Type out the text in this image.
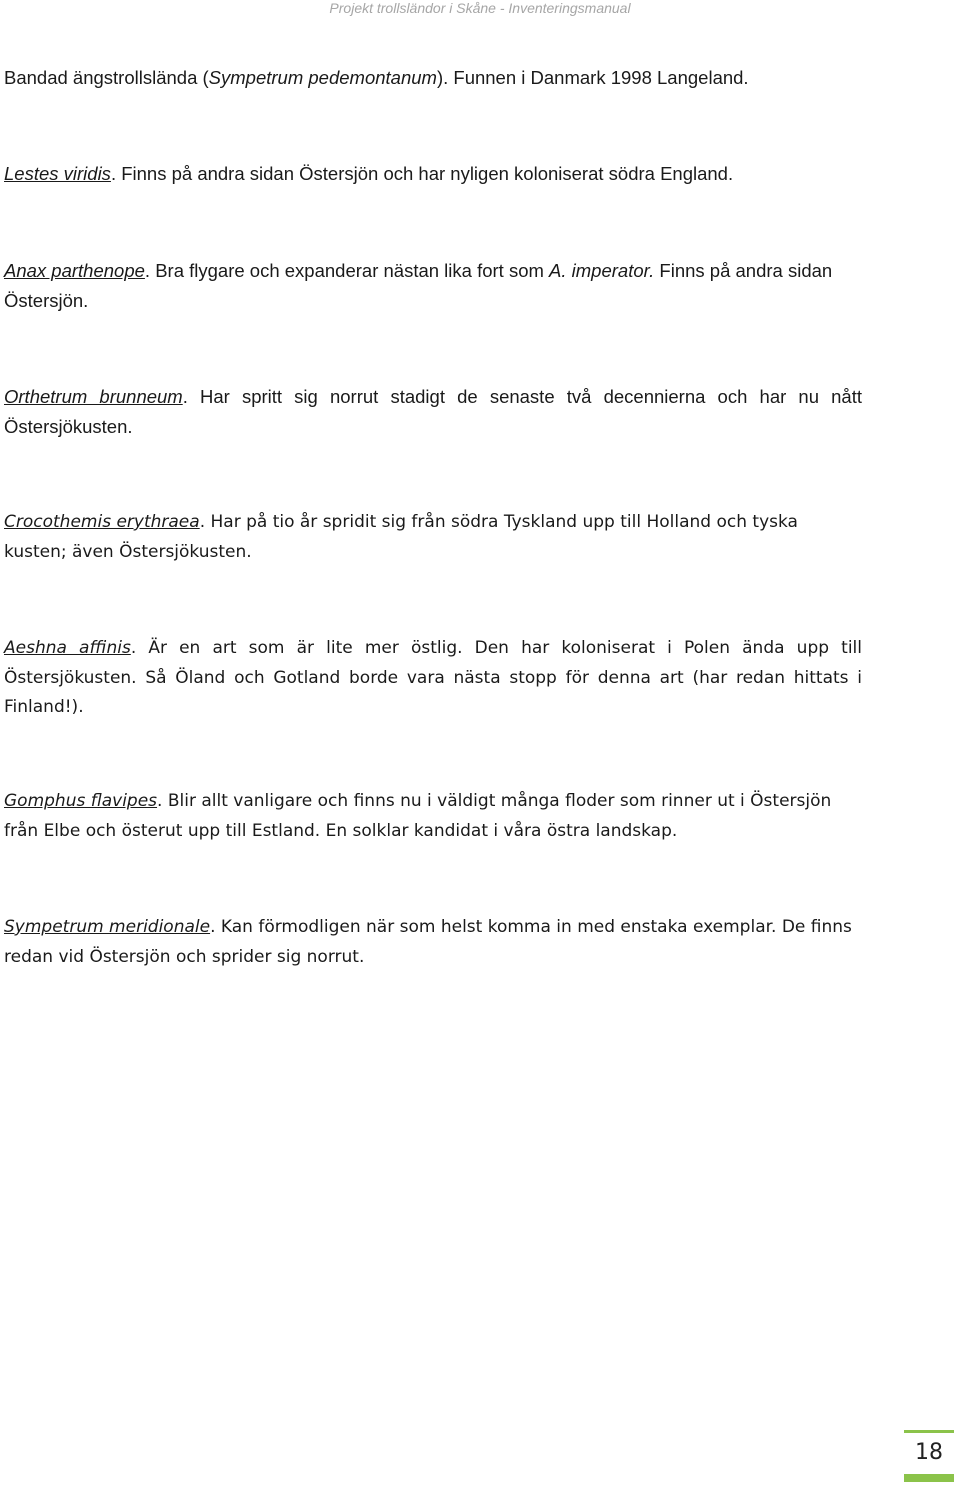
Projekt trollsländor i Skåne - Inventeringsmanual

Bandad ängstrollslända (Sympetrum pedemontanum). Funnen i Danmark 1998 Langeland.

Lestes viridis. Finns på andra sidan Östersjön och har nyligen koloniserat södra England.

Anax parthenope. Bra flygare och expanderar nästan lika fort som A. imperator. Finns på andra sidan Östersjön.

Orthetrum brunneum. Har spritt sig norrut stadigt de senaste två decennierna och har nu nått Östersjökusten.

Crocothemis erythraea. Har på tio år spridit sig från södra Tyskland upp till Holland och tyska kusten; även Östersjökusten.

Aeshna affinis. Är en art som är lite mer östlig. Den har koloniserat i Polen ända upp till Östersjökusten. Så Öland och Gotland borde vara nästa stopp för denna art (har redan hittats i Finland!).

Gomphus flavipes. Blir allt vanligare och finns nu i väldigt många floder som rinner ut i Östersjön från Elbe och österut upp till Estland. En solklar kandidat i våra östra landskap.

Sympetrum meridionale. Kan förmodligen när som helst komma in med enstaka exemplar. De finns redan vid Östersjön och sprider sig norrut.

18
